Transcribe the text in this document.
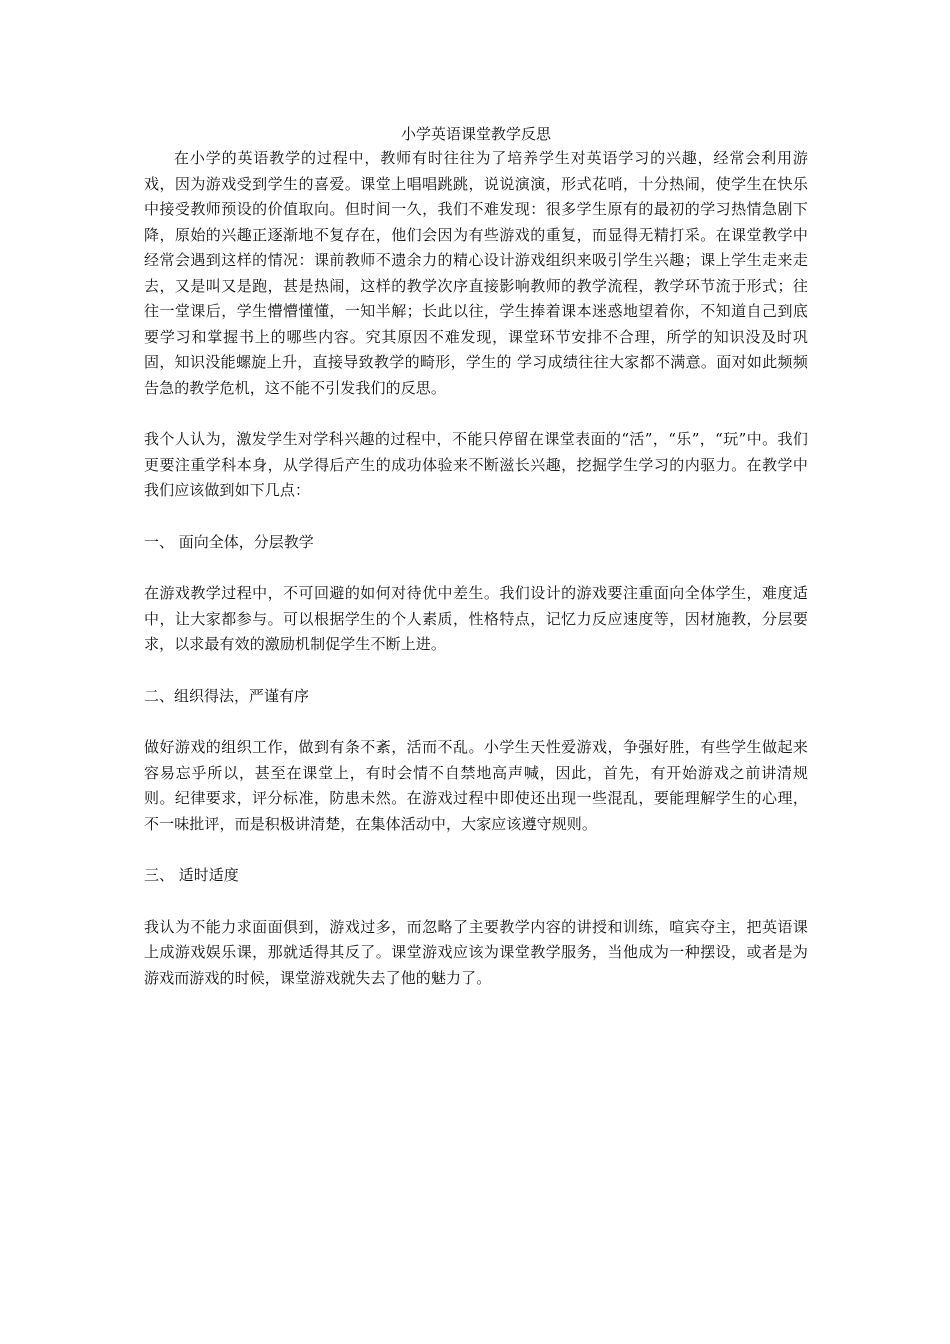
小学英语课堂教学反思

在小学的英语教学的过程中，教师有时往往为了培养学生对英语学习的兴趣，经常会利用游戏，因为游戏受到学生的喜爱。课堂上唱唱跳跳，说说演演，形式花哨，十分热闹，使学生在快乐中接受教师预设的价值取向。但时间一久，我们不难发现：很多学生原有的最初的学习热情急剧下降，原始的兴趣正逐渐地不复存在，他们会因为有些游戏的重复，而显得无精打采。在课堂教学中经常会遇到这样的情况：课前教师不遗余力的精心设计游戏组织来吸引学生兴趣；课上学生走来走去，又是叫又是跑，甚是热闹，这样的教学次序直接影响教师的教学流程，教学环节流于形式；往往一堂课后，学生懵懵懂懂，一知半解；长此以往，学生捧着课本迷惑地望着你，不知道自己到底要学习和掌握书上的哪些内容。究其原因不难发现，课堂环节安排不合理，所学的知识没及时巩固，知识没能螺旋上升，直接导致教学的畸形，学生的 学习成绩往往大家都不满意。面对如此频频告急的教学危机，这不能不引发我们的反思。

我个人认为，激发学生对学科兴趣的过程中，不能只停留在课堂表面的“活”，“乐”，“玩”中。我们更要注重学科本身，从学得后产生的成功体验来不断滋长兴趣，挖掘学生学习的内驱力。在教学中我们应该做到如下几点：

一、 面向全体，分层教学

在游戏教学过程中，不可回避的如何对待优中差生。我们设计的游戏要注重面向全体学生，难度适中，让大家都参与。可以根据学生的个人素质，性格特点，记忆力反应速度等，因材施教，分层要求，以求最有效的激励机制促学生不断上进。

二、组织得法，严谨有序

做好游戏的组织工作，做到有条不紊，活而不乱。小学生天性爱游戏，争强好胜，有些学生做起来容易忘乎所以，甚至在课堂上，有时会情不自禁地高声喊，因此，首先，有开始游戏之前讲清规则。纪律要求，评分标准，防患未然。在游戏过程中即使还出现一些混乱，要能理解学生的心理，不一味批评，而是积极讲清楚，在集体活动中，大家应该遵守规则。

三、 适时适度

我认为不能力求面面俱到，游戏过多，而忽略了主要教学内容的讲授和训练，喧宾夺主，把英语课上成游戏娱乐课，那就适得其反了。课堂游戏应该为课堂教学服务，当他成为一种摆设，或者是为游戏而游戏的时候，课堂游戏就失去了他的魅力了。
